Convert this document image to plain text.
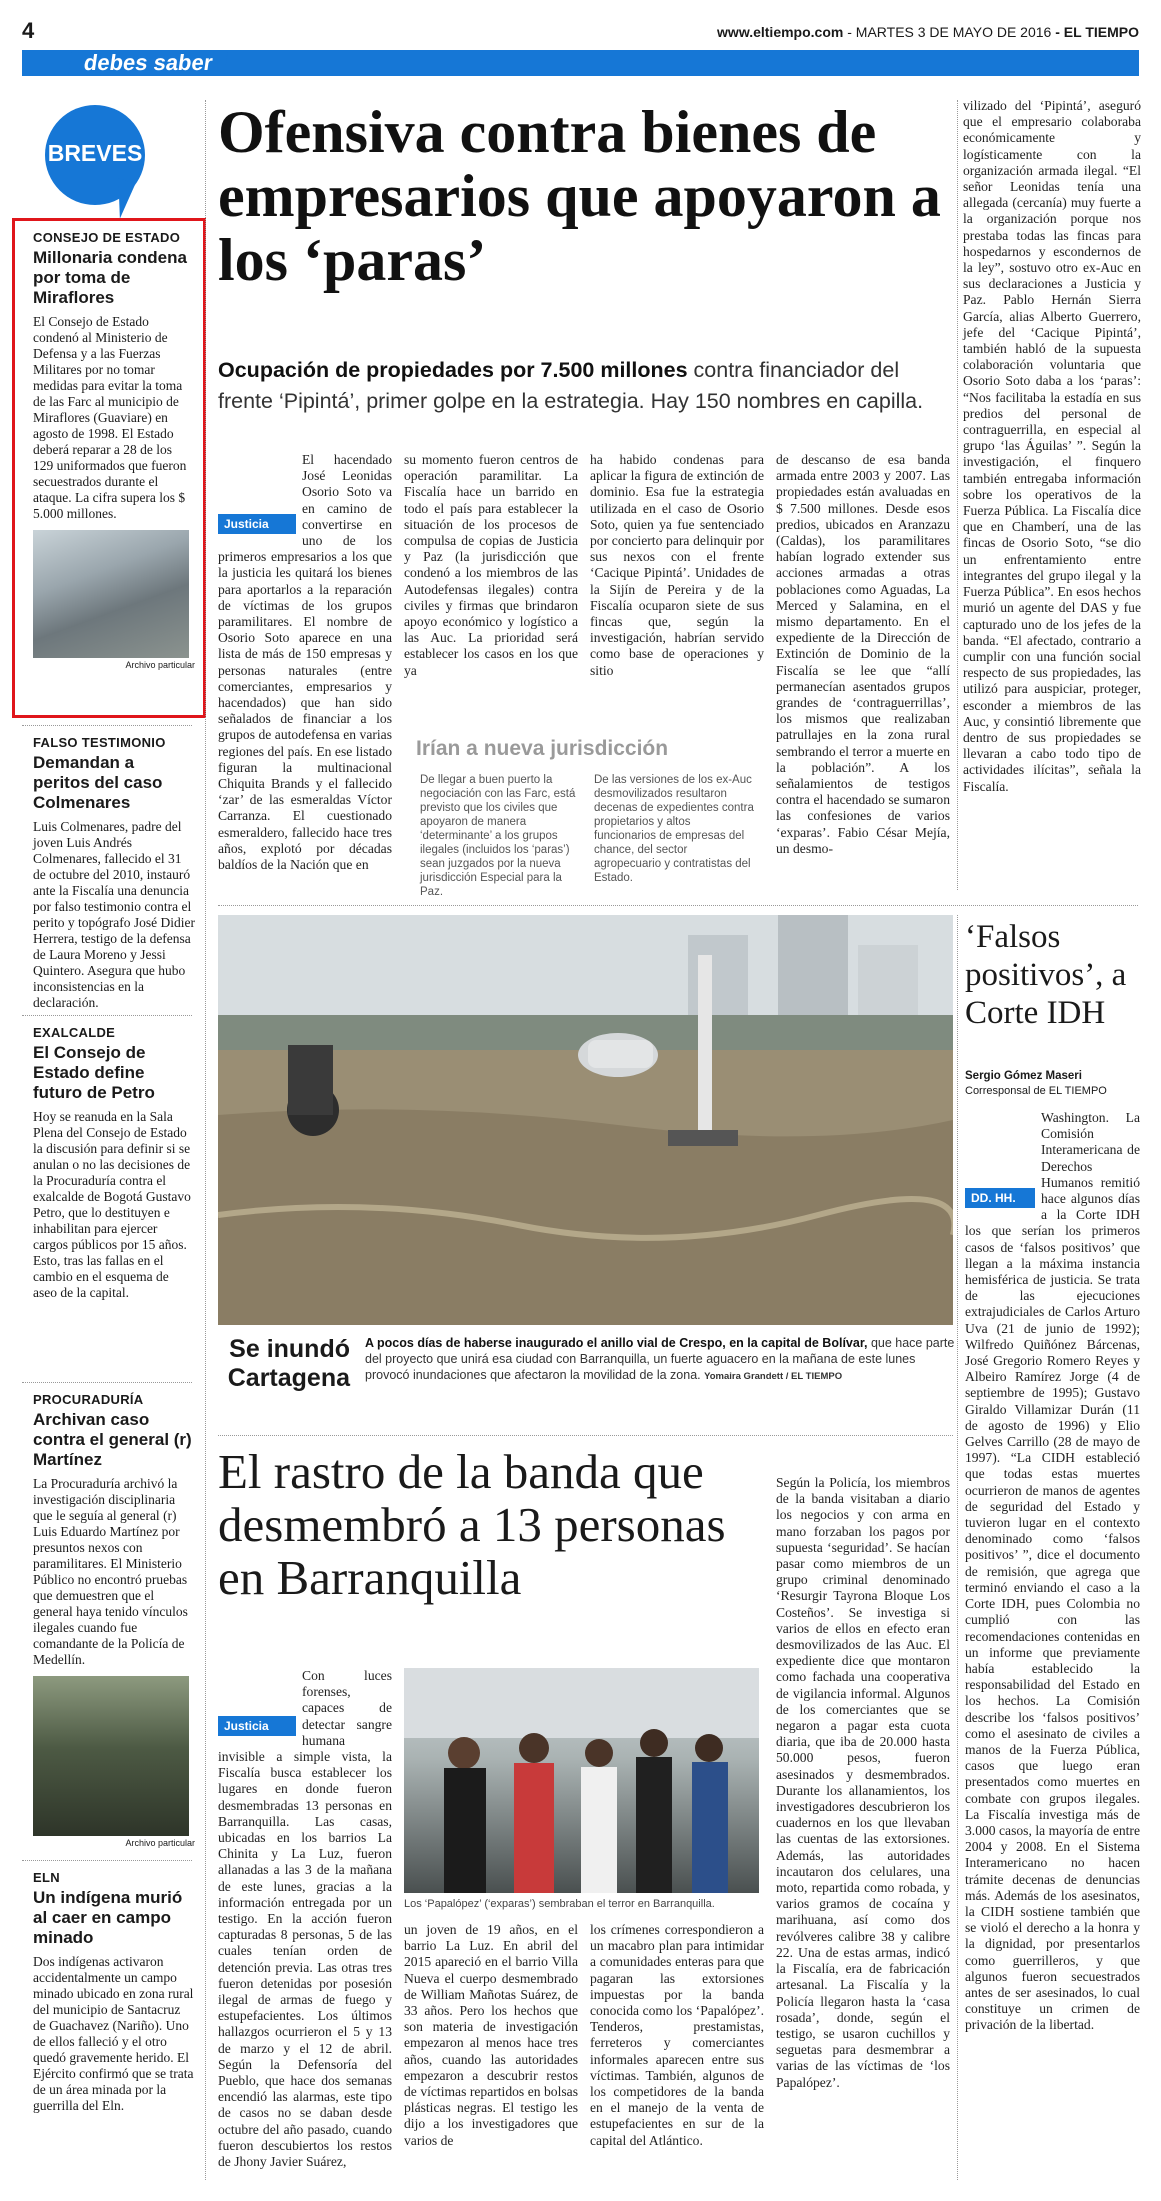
4	www.eltiempo.com - MARTES 3 DE MAYO DE 2016 - EL TIEMPO
debes saber
BREVES
CONSEJO DE ESTADO
Millonaria condena por toma de Miraflores
El Consejo de Estado condenó al Ministerio de Defensa y a las Fuerzas Militares por no tomar medidas para evitar la toma de las Farc al municipio de Miraflores (Guaviare) en agosto de 1998. El Estado deberá reparar a 28 de los 129 uniformados que fueron secuestrados durante el ataque. La cifra supera los $ 5.000 millones.
Archivo particular
FALSO TESTIMONIO
Demandan a peritos del caso Colmenares
Luis Colmenares, padre del joven Luis Andrés Colmenares, fallecido el 31 de octubre del 2010, instauró ante la Fiscalía una denuncia por falso testimonio contra el perito y topógrafo José Didier Herrera, testigo de la defensa de Laura Moreno y Jessi Quintero. Asegura que hubo inconsistencias en la declaración.
EXALCALDE
El Consejo de Estado define futuro de Petro
Hoy se reanuda en la Sala Plena del Consejo de Estado la discusión para definir si se anulan o no las decisiones de la Procuraduría contra el exalcalde de Bogotá Gustavo Petro, que lo destituyen e inhabilitan para ejercer cargos públicos por 15 años. Esto, tras las fallas en el cambio en el esquema de aseo de la capital.
PROCURADURÍA
Archivan caso contra el general (r) Martínez
La Procuraduría archivó la investigación disciplinaria que le seguía al general (r) Luis Eduardo Martínez por presuntos nexos con paramilitares. El Ministerio Público no encontró pruebas que demuestren que el general haya tenido vínculos ilegales cuando fue comandante de la Policía de Medellín.
Archivo particular
ELN
Un indígena murió al caer en campo minado
Dos indígenas activaron accidentalmente un campo minado ubicado en zona rural del municipio de Santacruz de Guachavez (Nariño). Uno de ellos falleció y el otro quedó gravemente herido. El Ejército confirmó que se trata de un área minada por la guerrilla del Eln.
Ofensiva contra bienes de empresarios que apoyaron a los ‘paras’
Ocupación de propiedades por 7.500 millones contra financiador del frente ‘Pipintá’, primer golpe en la estrategia. Hay 150 nombres en capilla.
Justicia

El hacendado José Leonidas Osorio Soto va en camino de convertirse en uno de los primeros empresarios a los que la justicia les quitará los bienes para aportarlos a la reparación de víctimas de los grupos paramilitares. El nombre de Osorio Soto aparece en una lista de más de 150 empresas y personas naturales (entre comerciantes, empresarios y hacendados) que han sido señalados de financiar a los grupos de autodefensa en varias regiones del país. En ese listado figuran la multinacional Chiquita Brands y el fallecido ‘zar’ de las esmeraldas Víctor Carranza. El cuestionado esmeraldero, fallecido hace tres años, explotó por décadas baldíos de la Nación que en

su momento fueron centros de operación paramilitar. La Fiscalía hace un barrido en todo el país para establecer la situación de los procesos de compulsa de copias de Justicia y Paz (la jurisdicción que condenó a los miembros de las Autodefensas ilegales) contra civiles y firmas que brindaron apoyo económico y logístico a las Auc. La prioridad será establecer los casos en los que ya

ha habido condenas para aplicar la figura de extinción de dominio. Esa fue la estrategia utilizada en el caso de Osorio Soto, quien ya fue sentenciado por concierto para delinquir por sus nexos con el frente ‘Cacique Pipintá’. Unidades de la Sijín de Pereira y de la Fiscalía ocuparon siete de sus fincas que, según la investigación, habrían servido como base de operaciones y sitio

de descanso de esa banda armada entre 2003 y 2007. Las propiedades están avaluadas en $ 7.500 millones. Desde esos predios, ubicados en Aranzazu (Caldas), los paramilitares habían logrado extender sus acciones armadas a otras poblaciones como Aguadas, La Merced y Salamina, en el mismo departamento. En el expediente de la Dirección de Extinción de Dominio de la Fiscalía se lee que “allí permanecían asentados grupos grandes de ‘contraguerrillas’, los mismos que realizaban patrullajes en la zona rural sembrando el terror a muerte en la población”. A los señalamientos de testigos contra el hacendado se sumaron las confesiones de varios ‘exparas’. Fabio César Mejía, un desmo-

Irían a nueva jurisdicción
De llegar a buen puerto la negociación con las Farc, está previsto que los civiles que apoyaron de manera ‘determinante’ a los grupos ilegales (incluidos los ‘paras’) sean juzgados por la nueva jurisdicción Especial para la Paz.
De las versiones de los ex-Auc desmovilizados resultaron decenas de expedientes contra propietarios y altos funcionarios de empresas del chance, del sector agropecuario y contratistas del Estado.

vilizado del ‘Pipintá’, aseguró que el empresario colaboraba económicamente y logísticamente con la organización armada ilegal. “El señor Leonidas tenía una allegada (cercanía) muy fuerte a la organización porque nos prestaba todas las fincas para hospedarnos y escondernos de la ley”, sostuvo otro ex-Auc en sus declaraciones a Justicia y Paz. Pablo Hernán Sierra García, alias Alberto Guerrero, jefe del ‘Cacique Pipintá’, también habló de la supuesta colaboración voluntaria que Osorio Soto daba a los ‘paras’: “Nos facilitaba la estadía en sus predios del personal de contraguerrilla, en especial al grupo ‘las Águilas’ ”. Según la investigación, el finquero también entregaba información sobre los operativos de la Fuerza Pública. La Fiscalía dice que en Chamberí, una de las fincas de Osorio Soto, “se dio un enfrentamiento entre integrantes del grupo ilegal y la Fuerza Pública”. En esos hechos murió un agente del DAS y fue capturado uno de los jefes de la banda. “El afectado, contrario a cumplir con una función social respecto de sus propiedades, las utilizó para auspiciar, proteger, esconder a miembros de las Auc, y consintió libremente que dentro de sus propiedades se llevaran a cabo todo tipo de actividades ilícitas”, señala la Fiscalía.

Se inundó Cartagena
A pocos días de haberse inaugurado el anillo vial de Crespo, en la capital de Bolívar, que hace parte del proyecto que unirá esa ciudad con Barranquilla, un fuerte aguacero en la mañana de este lunes provocó inundaciones que afectaron la movilidad de la zona. Yomaira Grandett / EL TIEMPO
‘Falsos positivos’, a Corte IDH
Sergio Gómez Maseri
Corresponsal de EL TIEMPO
DD. HH.

Washington. La Comisión Interamericana de Derechos Humanos remitió hace algunos días a la Corte IDH los que serían los primeros casos de ‘falsos positivos’ que llegan a la máxima instancia hemisférica de justicia. Se trata de las ejecuciones extrajudiciales de Carlos Arturo Uva (21 de junio de 1992); Wilfredo Quiñónez Bárcenas, José Gregorio Romero Reyes y Albeiro Ramírez Jorge (4 de septiembre de 1995); Gustavo Giraldo Villamizar Durán (11 de agosto de 1996) y Elio Gelves Carrillo (28 de mayo de 1997). “La CIDH estableció que todas estas muertes ocurrieron de manos de agentes de seguridad del Estado y tuvieron lugar en el contexto denominado como ‘falsos positivos’ ”, dice el documento de remisión, que agrega que terminó enviando el caso a la Corte IDH, pues Colombia no cumplió con las recomendaciones contenidas en un informe que previamente había establecido la responsabilidad del Estado en los hechos. La Comisión describe los ‘falsos positivos’ como el asesinato de civiles a manos de la Fuerza Pública, casos que luego eran presentados como muertes en combate con grupos ilegales. La Fiscalía investiga más de 3.000 casos, la mayoría de entre 2004 y 2008. En el Sistema Interamericano no hacen trámite decenas de denuncias más. Además de los asesinatos, la CIDH sostiene también que se violó el derecho a la honra y la dignidad, por presentarlos como guerrilleros, y que algunos fueron secuestrados antes de ser asesinados, lo cual constituye un crimen de privación de la libertad.

El rastro de la banda que desmembró a 13 personas en Barranquilla
Justicia

Con luces forenses, capaces de detectar sangre humana invisible a simple vista, la Fiscalía busca establecer los lugares en donde fueron desmembradas 13 personas en Barranquilla. Las casas, ubicadas en los barrios La Chinita y La Luz, fueron allanadas a las 3 de la mañana de este lunes, gracias a la información entregada por un testigo. En la acción fueron capturadas 8 personas, 5 de las cuales tenían orden de detención previa. Las otras tres fueron detenidas por posesión ilegal de armas de fuego y estupefacientes. Los últimos hallazgos ocurrieron el 5 y 13 de marzo y el 12 de abril. Según la Defensoría del Pueblo, que hace dos semanas encendió las alarmas, este tipo de casos no se daban desde octubre del año pasado, cuando fueron descubiertos los restos de Jhony Javier Suárez,

Los ‘Papalópez’ (‘exparas’) sembraban el terror en Barranquilla.

un joven de 19 años, en el barrio La Luz. En abril del 2015 apareció en el barrio Villa Nueva el cuerpo desmembrado de William Mañotas Suárez, de 33 años. Pero los hechos que son materia de investigación empezaron al menos hace tres años, cuando las autoridades empezaron a descubrir restos de víctimas repartidos en bolsas plásticas negras. El testigo les dijo a los investigadores que varios de

los crímenes correspondieron a un macabro plan para intimidar a comunidades enteras para que pagaran las extorsiones impuestas por la banda conocida como los ‘Papalópez’. Tenderos, prestamistas, ferreteros y comerciantes informales aparecen entre sus víctimas. También, algunos de los competidores de la banda en el manejo de la venta de estupefacientes en sur de la capital del Atlántico.

Según la Policía, los miembros de la banda visitaban a diario los negocios y con arma en mano forzaban los pagos por supuesta ‘seguridad’. Se hacían pasar como miembros de un grupo criminal denominado ‘Resurgir Tayrona Bloque Los Costeños’. Se investiga si varios de ellos en efecto eran desmovilizados de las Auc. El expediente dice que montaron como fachada una cooperativa de vigilancia informal. Algunos de los comerciantes que se negaron a pagar esta cuota diaria, que iba de 20.000 hasta 50.000 pesos, fueron asesinados y desmembrados. Durante los allanamientos, los investigadores descubrieron los cuadernos en los que llevaban las cuentas de las extorsiones. Además, las autoridades incautaron dos celulares, una moto, repartida como robada, y varios gramos de cocaína y marihuana, así como dos revólveres calibre 38 y calibre 22. Una de estas armas, indicó la Fiscalía, era de fabricación artesanal. La Fiscalía y la Policía llegaron hasta la ‘casa rosada’, donde, según el testigo, se usaron cuchillos y seguetas para desmembrar a varias de las víctimas de ‘los Papalópez’.
